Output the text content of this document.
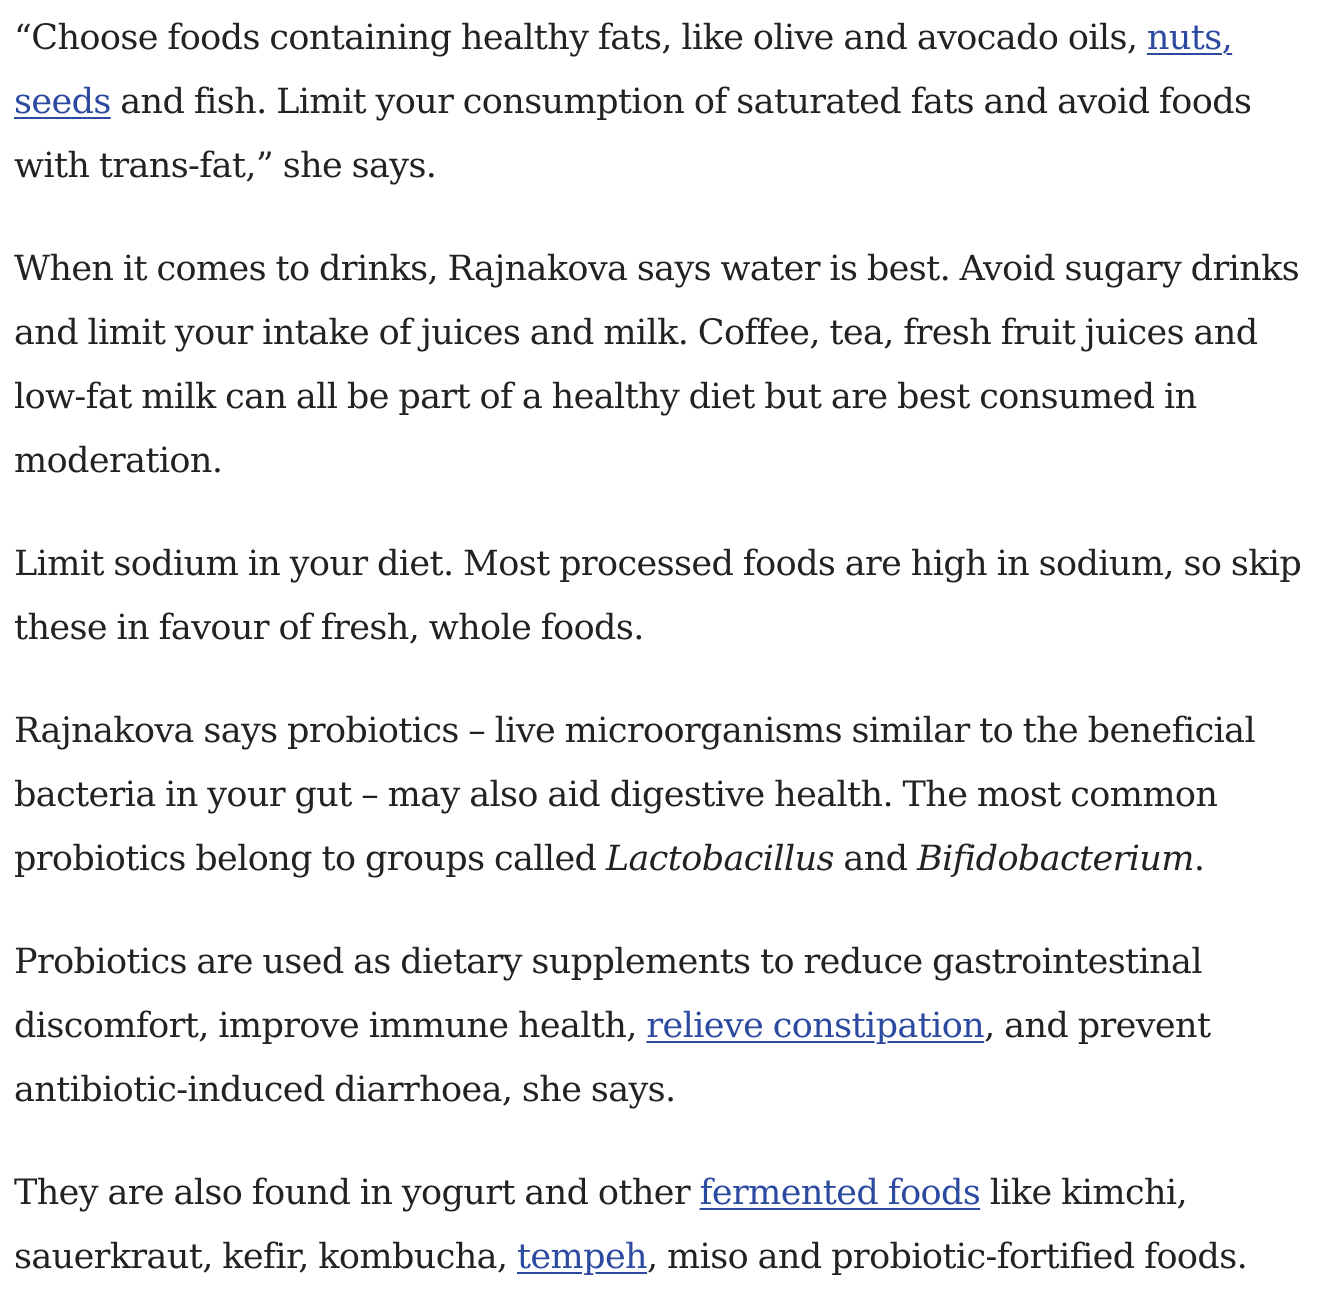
“Choose foods containing healthy fats, like olive and avocado oils, nuts, seeds and fish. Limit your consumption of saturated fats and avoid foods with trans-fat,” she says.

When it comes to drinks, Rajnakova says water is best. Avoid sugary drinks and limit your intake of juices and milk. Coffee, tea, fresh fruit juices and low-fat milk can all be part of a healthy diet but are best consumed in moderation.

Limit sodium in your diet. Most processed foods are high in sodium, so skip these in favour of fresh, whole foods.

Rajnakova says probiotics – live microorganisms similar to the beneficial bacteria in your gut – may also aid digestive health. The most common probiotics belong to groups called Lactobacillus and Bifidobacterium.

Probiotics are used as dietary supplements to reduce gastrointestinal discomfort, improve immune health, relieve constipation, and prevent antibiotic-induced diarrhoea, she says.

They are also found in yogurt and other fermented foods like kimchi, sauerkraut, kefir, kombucha, tempeh, miso and probiotic-fortified foods.
